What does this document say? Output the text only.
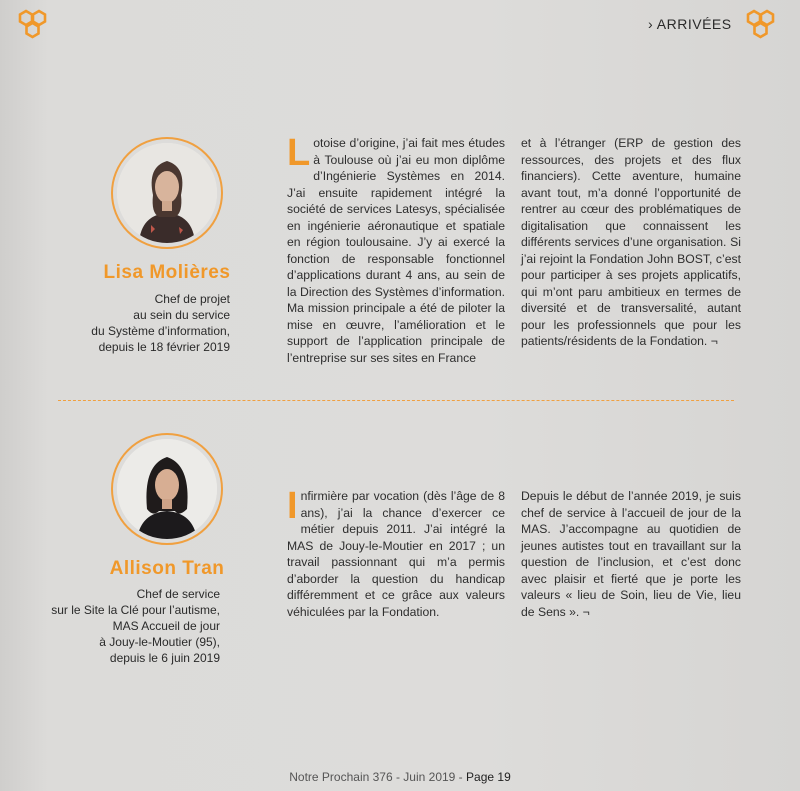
› ARRIVÉES
Lisa Molières
Chef de projet
au sein du service
du Système d’information,
depuis le 18 février 2019
Lotoise d’origine, j’ai fait mes études à Toulouse où j’ai eu mon diplôme d’Ingénierie Systèmes en 2014. J’ai ensuite rapidement intégré la société de services Latesys, spécialisée en ingénierie aéronautique et spatiale en région toulousaine. J’y ai exercé la fonction de responsable fonctionnel d’applications durant 4 ans, au sein de la Direction des Systèmes d’information. Ma mission principale a été de piloter la mise en œuvre, l’amélioration et le support de l’application principale de l’entreprise sur ses sites en France
et à l’étranger (ERP de gestion des ressources, des projets et des flux financiers). Cette aventure, humaine avant tout, m’a donné l’opportunité de rentrer au cœur des problématiques de digitalisation que connaissent les différents services d’une organisation. Si j’ai rejoint la Fondation John BOST, c’est pour participer à ses projets applicatifs, qui m’ont paru ambitieux en termes de diversité et de transversalité, autant pour les professionnels que pour les patients/résidents de la Fondation. ¬
Allison Tran
Chef de service
sur le Site la Clé pour l’autisme,
MAS Accueil de jour
à Jouy-le-Moutier (95),
depuis le 6 juin 2019
Infirmière par vocation (dès l’âge de 8 ans), j’ai la chance d’exercer ce métier depuis 2011. J’ai intégré la MAS de Jouy-le-Moutier en 2017 ; un travail passionnant qui m’a permis d’aborder la question du handicap différemment et ce grâce aux valeurs véhiculées par la Fondation.
Depuis le début de l’année 2019, je suis chef de service à l’accueil de jour de la MAS. J’accompagne au quotidien de jeunes autistes tout en travaillant sur la question de l’inclusion, et c’est donc avec plaisir et fierté que je porte les valeurs « lieu de Soin, lieu de Vie, lieu de Sens ». ¬
Notre Prochain 376 - Juin 2019 - Page 19
